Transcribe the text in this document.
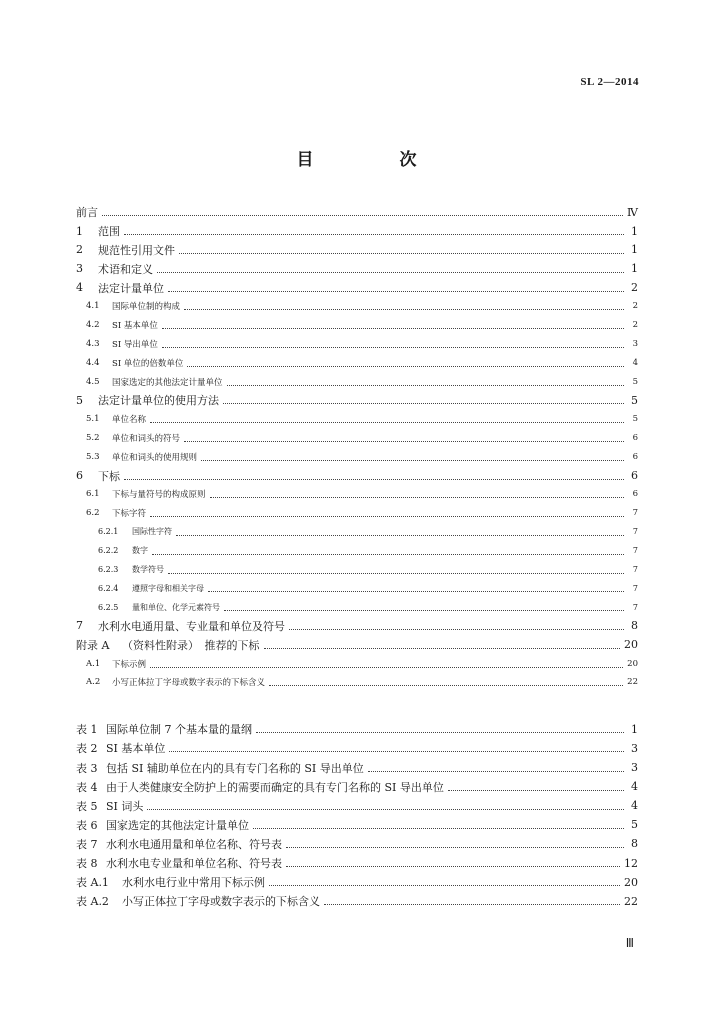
SL 2—2014
目 次
前言	Ⅳ
1	范围	1
2	规范性引用文件	1
3	术语和定义	1
4	法定计量单位	2
4.1	国际单位制的构成	2
4.2	SI 基本单位	2
4.3	SI 导出单位	3
4.4	SI 单位的倍数单位	4
4.5	国家选定的其他法定计量单位	5
5	法定计量单位的使用方法	5
5.1	单位名称	5
5.2	单位和词头的符号	6
5.3	单位和词头的使用规则	6
6	下标	6
6.1	下标与量符号的构成原则	6
6.2	下标字符	7
6.2.1	国际性字符	7
6.2.2	数字	7
6.2.3	数学符号	7
6.2.4	遵照字母和相关字母	7
6.2.5	量和单位、化学元素符号	7
7	水利水电通用量、专业量和单位及符号	8
附录 A	（资料性附录）　推荐的下标	20
A.1	下标示例	20
A.2	小写正体拉丁字母或数字表示的下标含义	22
表 1 国际单位制 7 个基本量的量纲	1
表 2 SI 基本单位	3
表 3 包括 SI 辅助单位在内的具有专门名称的 SI 导出单位	3
表 4 由于人类健康安全防护上的需要而确定的具有专门名称的 SI 导出单位	4
表 5 SI 词头	4
表 6 国家选定的其他法定计量单位	5
表 7 水利水电通用量和单位名称、符号表	8
表 8 水利水电专业量和单位名称、符号表	12
表 A.1	水利水电行业中常用下标示例	20
表 A.2	小写正体拉丁字母或数字表示的下标含义	22
Ⅲ
